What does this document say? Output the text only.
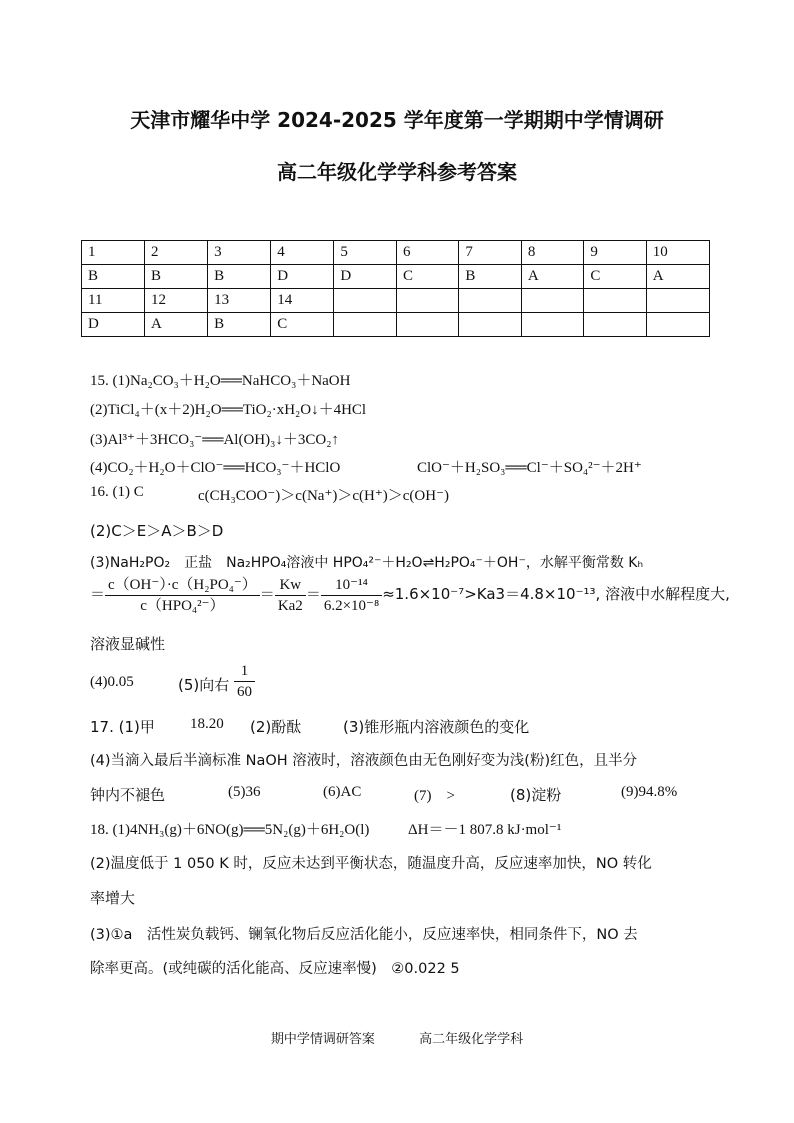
天津市耀华中学 2024-2025 学年度第一学期期中学情调研
高二年级化学学科参考答案
1	2	3	4	5	6	7	8	9	10
B	B	B	D	D	C	B	A	C	A
11	12	13	14						
D	A	B	C						
15. (1)Na₂CO₃＋H₂O══NaHCO₃＋NaOH
(2)TiCl₄＋(x＋2)H₂O══TiO₂·xH₂O↓＋4HCl
(3)Al³⁺＋3HCO₃⁻══Al(OH)₃↓＋3CO₂↑
(4)CO₂＋H₂O＋ClO⁻══HCO₃⁻＋HClO	ClO⁻＋H₂SO₃══Cl⁻＋SO₄²⁻＋2H⁺
16. (1) C	c(CH₃COO⁻)＞c(Na⁺)＞c(H⁺)＞c(OH⁻)
(2)C＞E＞A＞B＞D
(3)NaH₂PO₂　正盐　Na₂HPO₄溶液中 HPO₄²⁻＋H₂O⇌H₂PO₄⁻＋OH⁻，水解平衡常数 Kₕ
＝ $\frac{\text{c（OH⁻）·c（H₂PO₄⁻）}}{\text{c（HPO₄²⁻）}} = \frac{Kw}{Ka2} = \frac{\text{10⁻¹⁴}}{\text{6.2×10⁻⁸}} \approx 1.6\times 10^{-7}>Ka3=4.8\times 10^{-13}$, 溶液中水解程度大,
溶液显碱性
(4)0.05	(5)向右 $\frac{1}{60}$
17. (1)甲 18.20 (2)酚酞	(3)锥形瓶内溶液颜色的变化
(4)当滴入最后半滴标准 NaOH 溶液时，溶液颜色由无色刚好变为浅(粉)红色，且半分
钟内不褪色	(5)36	(6)AC	(7)　>	(8)淀粉	(9)94.8%
18. (1)4NH₃(g)＋6NO(g)══5N₂(g)＋6H₂O(l)	ΔH＝－1 807.8 kJ·mol⁻¹
(2)温度低于 1 050 K 时，反应未达到平衡状态，随温度升高，反应速率加快，NO 转化
率增大
(3)①a　活性炭负载钙、镧氧化物后反应活化能小，反应速率快，相同条件下，NO 去
除率更高。(或纯碳的活化能高、反应速率慢)　②0.022 5
期中学情调研答案	高二年级化学学科
